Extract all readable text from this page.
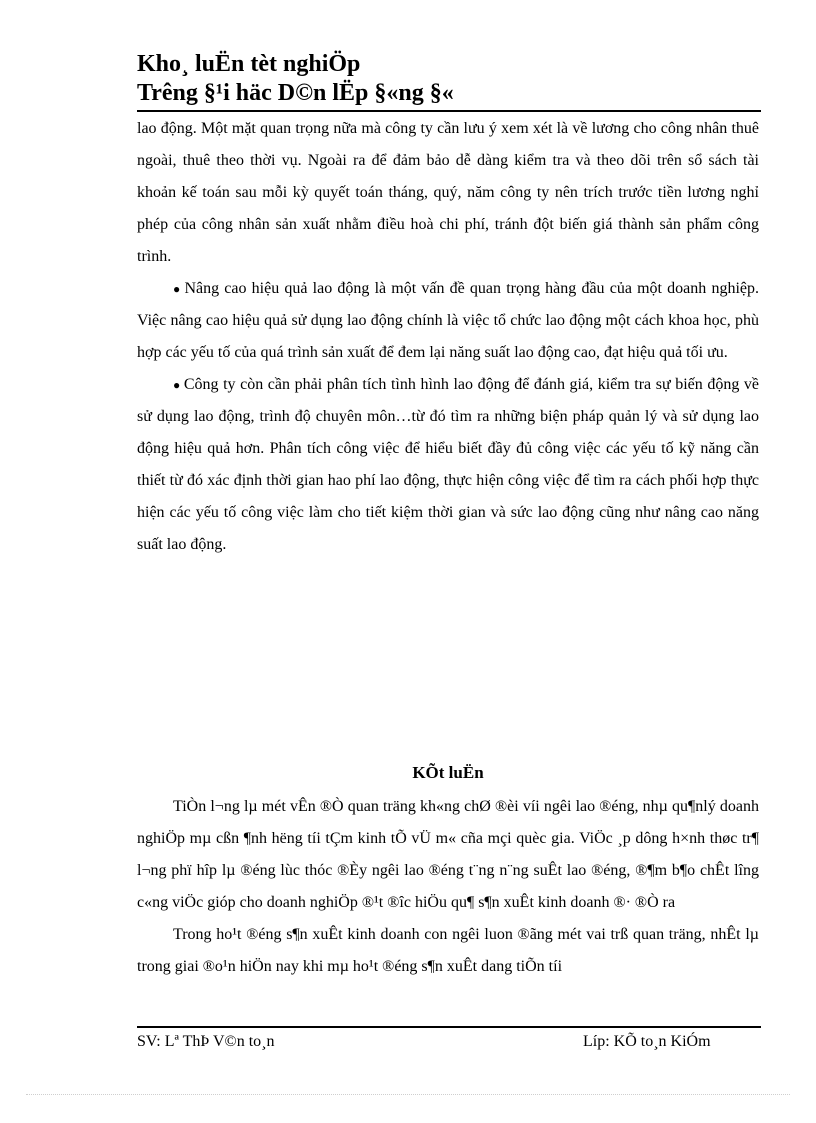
Kho¸ luËn tèt nghiÖp
Trêng §¹i häc D©n lËp §«ng §«

lao động. Một mặt quan trọng nữa mà công ty cần lưu ý xem xét là về lương cho công nhân thuê ngoài, thuê theo thời vụ. Ngoài ra để đảm bảo dễ dàng kiểm tra và theo dõi trên sổ sách tài khoản kế toán sau mỗi kỳ quyết toán tháng, quý, năm công ty nên trích trước tiền lương nghỉ phép của công nhân sản xuất nhằm điều hoà chi phí, tránh đột biến giá thành sản phẩm công trình.

● Nâng cao hiệu quả lao động là một vấn đề quan trọng hàng đầu của một doanh nghiệp. Việc nâng cao hiệu quả sử dụng lao động chính là việc tổ chức lao động một cách khoa học, phù hợp các yếu tố của quá trình sản xuất để đem lại năng suất lao động cao, đạt hiệu quả tối ưu.

● Công ty còn cần phải phân tích tình hình lao động để đánh giá, kiểm tra sự biến động về sử dụng lao động, trình độ chuyên môn…từ đó tìm ra những biện pháp quản lý và sử dụng lao động hiệu quả hơn. Phân tích công việc để hiểu biết đầy đủ công việc các yếu tố kỹ năng cần thiết từ đó xác định thời gian hao phí lao động, thực hiện công việc để tìm ra cách phối hợp thực hiện các yếu tố công việc làm cho tiết kiệm thời gian và sức lao động cũng như nâng cao năng suất lao động.

KÕt luËn

TiÒn l¬ng lµ mét vÊn ®Ò quan träng kh«ng chØ ®èi víi ngêi lao ®éng, nhµ qu¶nlý doanh nghiÖp mµ cßn ¶nh hëng tíi tÇm kinh tÕ vÜ m« cña mçi quèc gia. ViÖc ¸p dông h×nh thøc tr¶ l¬ng phï hîp lµ ®éng lùc thóc ®Èy ngêi lao ®éng t¨ng n¨ng suÊt lao ®éng, ®¶m b¶o chÊt lîng c«ng viÖc gióp cho doanh nghiÖp ®¹t ®îc hiÖu qu¶ s¶n xuÊt kinh doanh ®· ®Ò ra

Trong ho¹t ®éng s¶n xuÊt kinh doanh con ngêi luon ®ãng mét vai trß quan träng, nhÊt lµ trong giai ®o¹n hiÖn nay khi mµ ho¹t ®éng s¶n xuÊt dang tiÕn tíi

SV: Lª ThÞ V©n to¸n	Líp: KÕ to¸n KiÓm
